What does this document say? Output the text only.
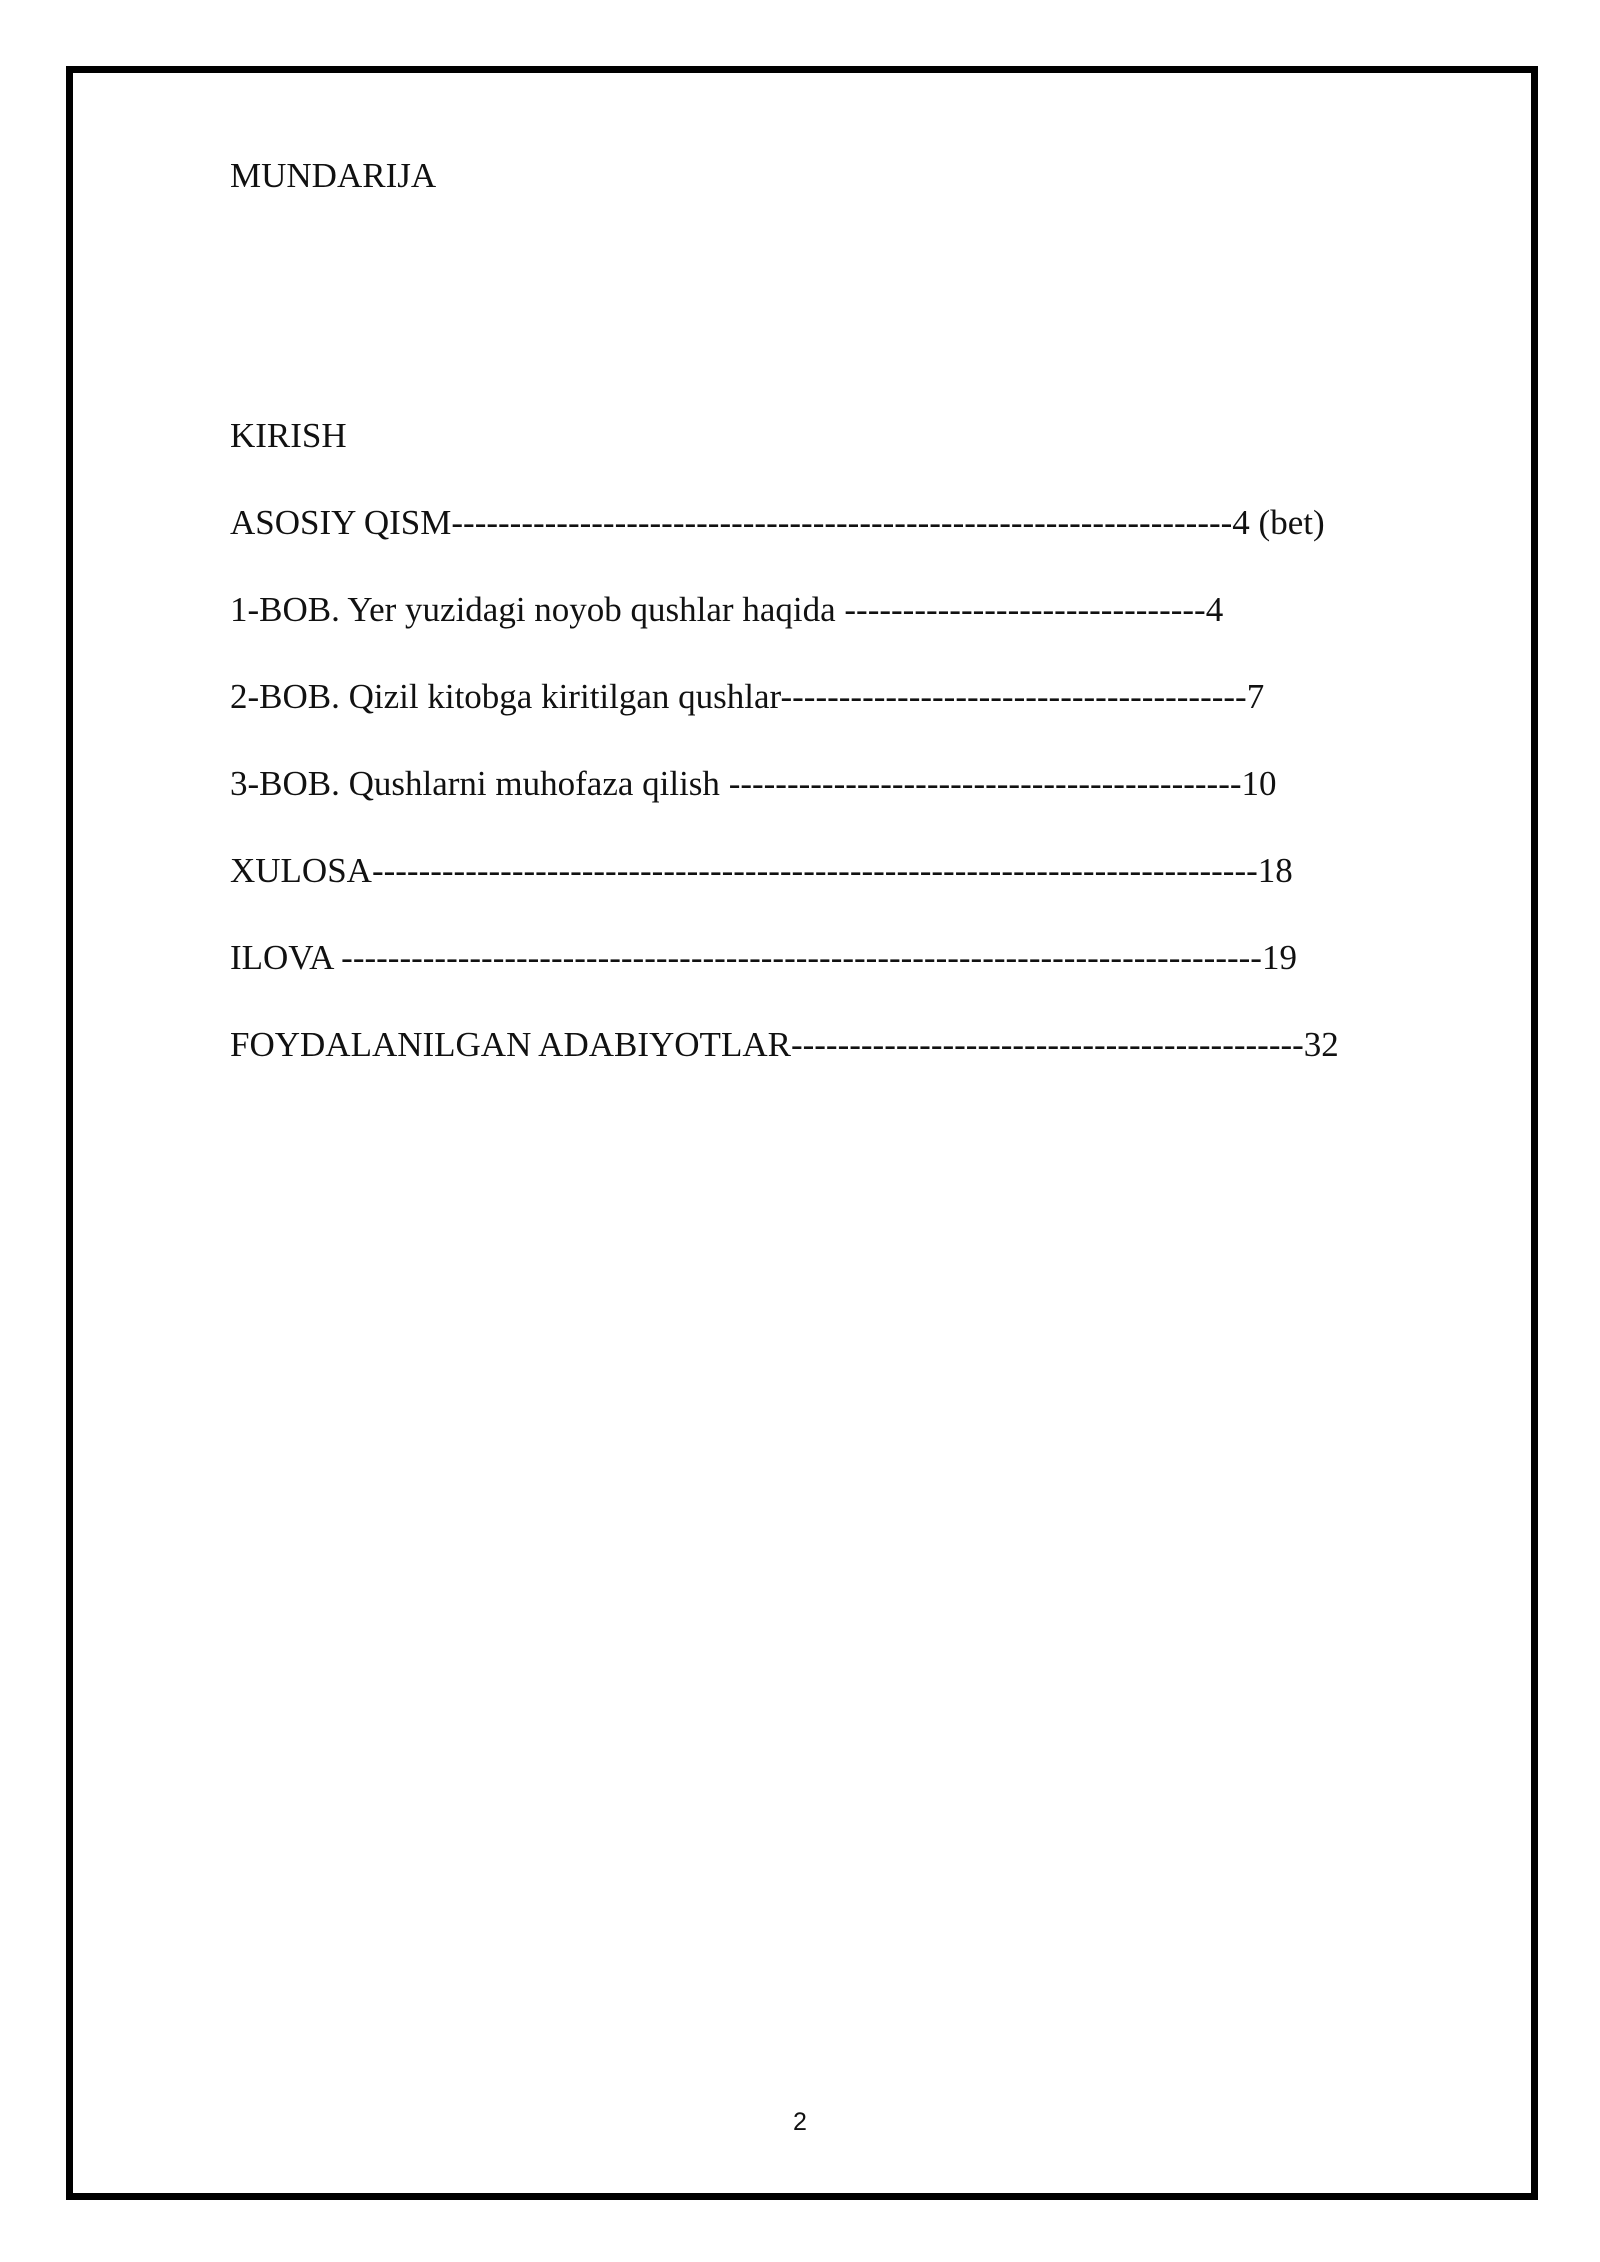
MUNDARIJA
KIRISH
ASOSIY QISM-------------------------------------------------------------------4 (bet)
1-BOB. Yer yuzidagi noyob qushlar haqida -------------------------------4
2-BOB. Qizil kitobga kiritilgan qushlar----------------------------------------7
3-BOB. Qushlarni muhofaza qilish --------------------------------------------10
XULOSA----------------------------------------------------------------------------18
ILOVA -------------------------------------------------------------------------------19
FOYDALANILGAN ADABIYOTLAR--------------------------------------------32
2
